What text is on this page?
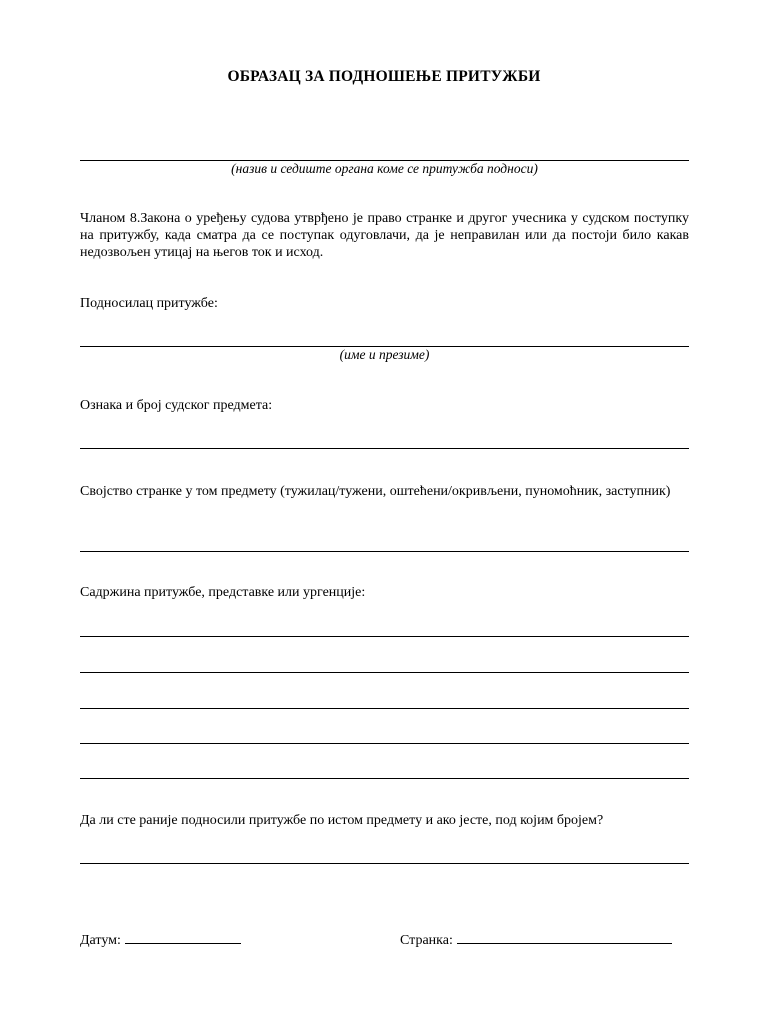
ОБРАЗАЦ ЗА ПОДНОШЕЊЕ ПРИТУЖБИ
(назив и седиште органа коме се притужба подноси)
Чланом 8.Закона о уређењу судова утврђено је право странке и другог учесника у судском поступку на притужбу, када сматра да се поступак одуговлачи, да је неправилан или да постоји било какав недозвољен утицај на његов ток и исход.
Подносилац притужбе:
(име и презиме)
Ознака и број судског предмета:
Својство странке у том предмету (тужилац/тужени, оштећени/окривљени, пуномоћник, заступник)
Садржина притужбе, представке или ургенције:
Да ли сте раније подносили притужбе по истом предмету и ако јесте, под којим бројем?
Датум:	Странка:
